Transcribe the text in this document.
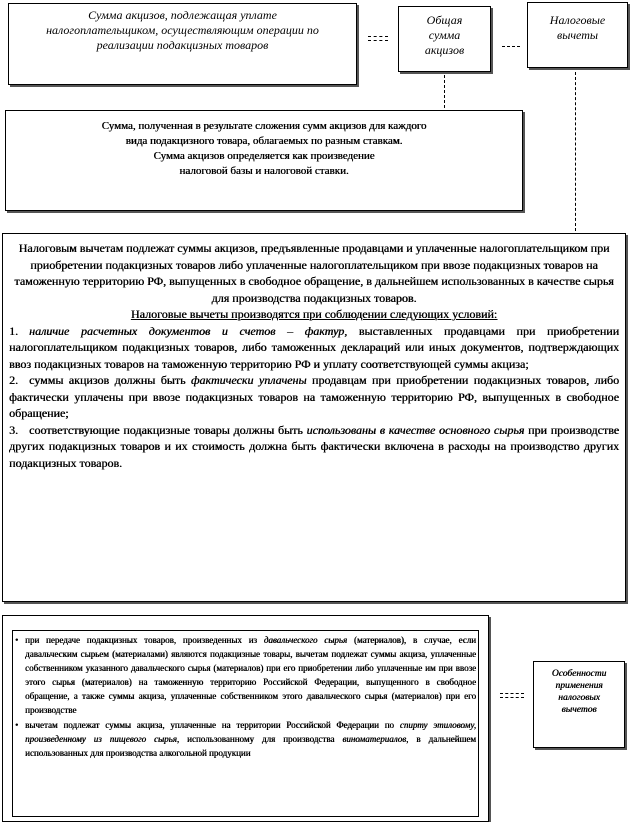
Сумма акцизов, подлежащая уплате
налогоплательщиком, осуществляющим операции по
реализации подакцизных товаров
Общая
сумма
акцизов
Налоговые
вычеты
Сумма, полученная в результате сложения сумм акцизов для каждого
вида подакцизного товара, облагаемых по разным ставкам.
Сумма акцизов определяется как произведение
налоговой базы и налоговой ставки.

Налоговым вычетам подлежат суммы акцизов, предъявленные продавцами и уплаченные налогоплательщиком при приобретении подакцизных товаров либо уплаченные налогоплательщиком при ввозе подакцизных товаров на таможенную территорию РФ, выпущенных в свободное обращение, в дальнейшем использованных в качестве сырья для производства подакцизных товаров.

Налоговые вычеты производятся при соблюдении следующих условий:

1. наличие расчетных документов и счетов – фактур, выставленных продавцами при приобретении налогоплательщиком подакцизных товаров, либо таможенных деклараций или иных документов, подтверждающих ввоз подакцизных товаров на таможенную территорию РФ и уплату соответствующей суммы акциза;

2. суммы акцизов должны быть фактически уплачены продавцам при приобретении подакцизных товаров, либо фактически уплачены при ввозе подакцизных товаров на таможенную территорию РФ, выпущенных в свободное обращение;

3. соответствующие подакцизные товары должны быть использованы в качестве основного сырья при производстве других подакцизных товаров и их стоимость должна быть фактически включена в расходы на производство других подакцизных товаров.

• при передаче подакцизных товаров, произведенных из давальческого сырья (материалов), в случае, если давальческим сырьем (материалами) являются подакцизные товары, вычетам подлежат суммы акциза, уплаченные собственником указанного давальческого сырья (материалов) при его приобретении либо уплаченные им при ввозе этого сырья (материалов) на таможенную территорию Российской Федерации, выпущенного в свободное обращение, а также суммы акциза, уплаченные собственником этого давальческого сырья (материалов) при его производстве
• вычетам подлежат суммы акциза, уплаченные на территории Российской Федерации по спирту этиловому, произведенному из пищевого сырья, использованному для производства виноматериалов, в дальнейшем использованных для производства алкогольной продукции
Особенности
применения
налоговых
вычетов
